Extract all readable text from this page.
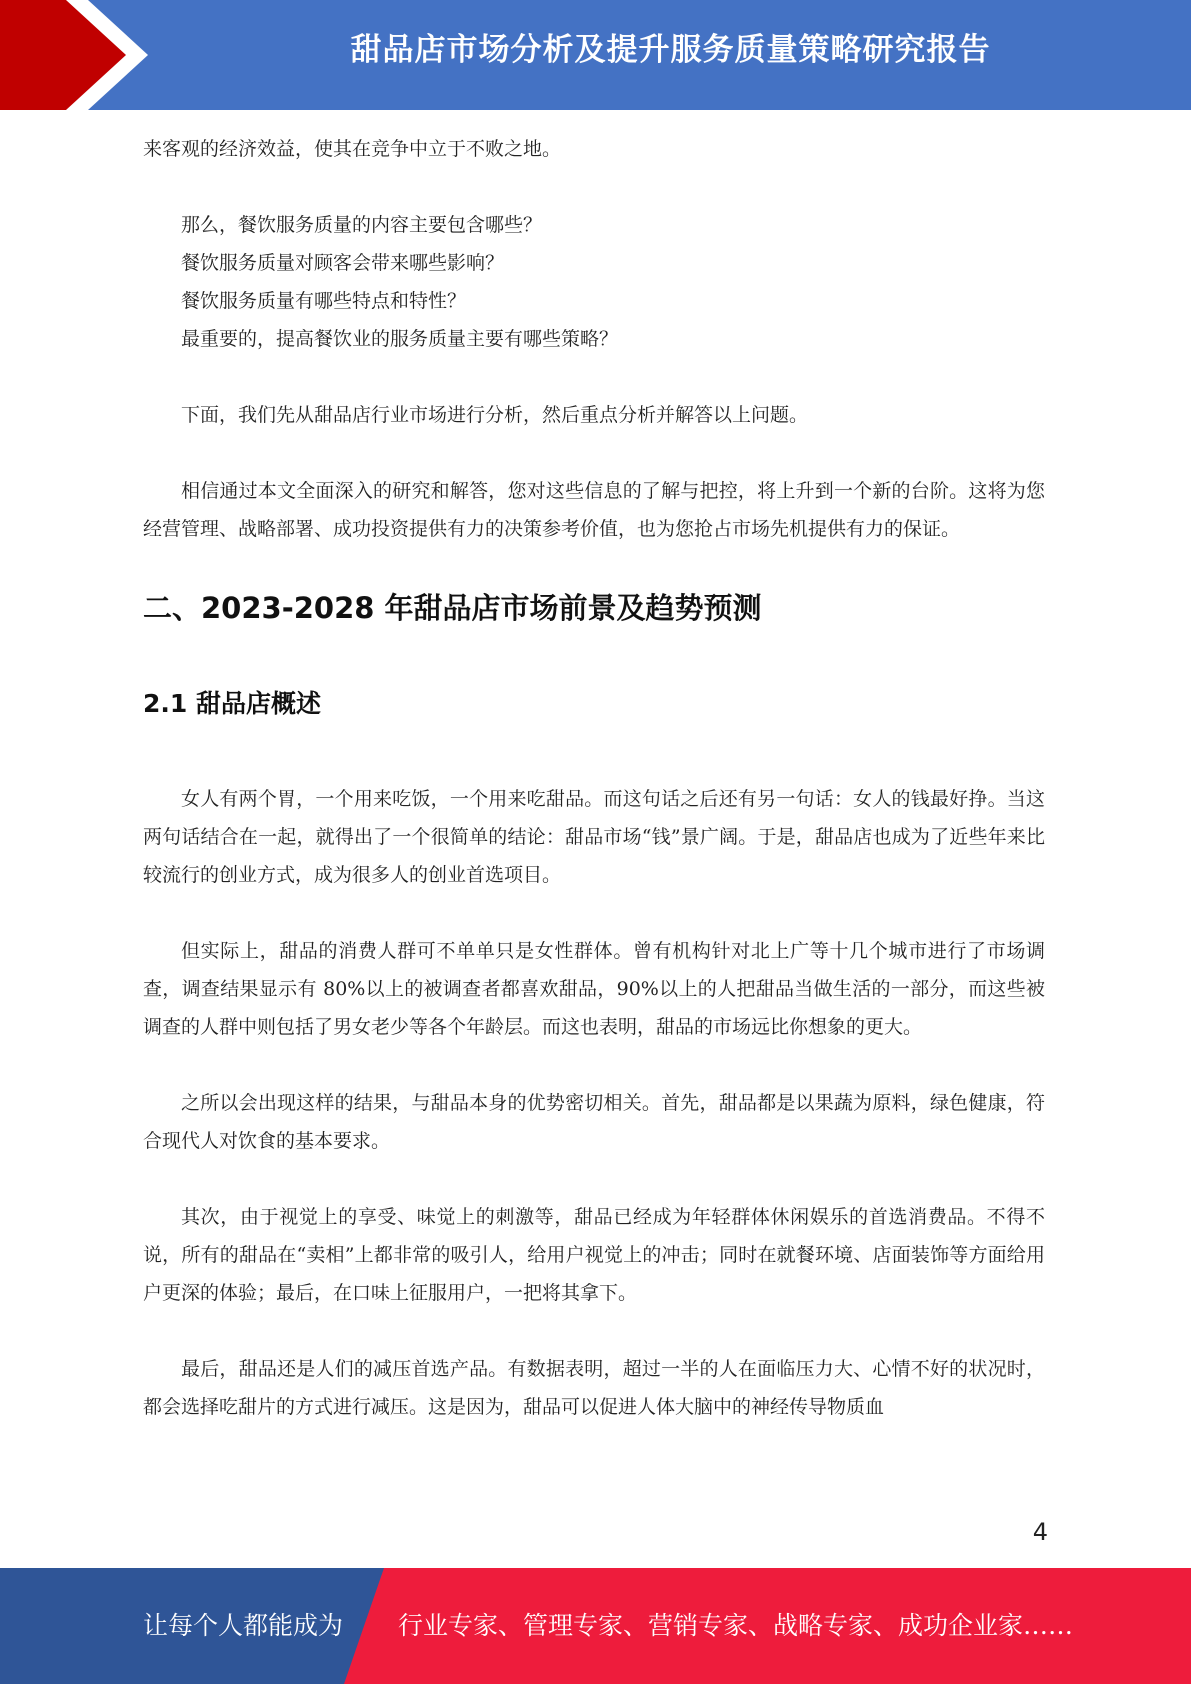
甜品店市场分析及提升服务质量策略研究报告

来客观的经济效益，使其在竞争中立于不败之地。

那么，餐饮服务质量的内容主要包含哪些？

餐饮服务质量对顾客会带来哪些影响？

餐饮服务质量有哪些特点和特性？

最重要的，提高餐饮业的服务质量主要有哪些策略？

下面，我们先从甜品店行业市场进行分析，然后重点分析并解答以上问题。

相信通过本文全面深入的研究和解答，您对这些信息的了解与把控，将上升到一个新的台阶。这将为您经营管理、战略部署、成功投资提供有力的决策参考价值，也为您抢占市场先机提供有力的保证。

二、2023-2028 年甜品店市场前景及趋势预测
2.1 甜品店概述

女人有两个胃，一个用来吃饭，一个用来吃甜品。而这句话之后还有另一句话：女人的钱最好挣。当这两句话结合在一起，就得出了一个很简单的结论：甜品市场“钱”景广阔。于是，甜品店也成为了近些年来比较流行的创业方式，成为很多人的创业首选项目。

但实际上，甜品的消费人群可不单单只是女性群体。曾有机构针对北上广等十几个城市进行了市场调查，调查结果显示有 80%以上的被调查者都喜欢甜品，90%以上的人把甜品当做生活的一部分，而这些被调查的人群中则包括了男女老少等各个年龄层。而这也表明，甜品的市场远比你想象的更大。

之所以会出现这样的结果，与甜品本身的优势密切相关。首先，甜品都是以果蔬为原料，绿色健康，符合现代人对饮食的基本要求。

其次，由于视觉上的享受、味觉上的刺激等，甜品已经成为年轻群体休闲娱乐的首选消费品。不得不说，所有的甜品在“卖相”上都非常的吸引人，给用户视觉上的冲击；同时在就餐环境、店面装饰等方面给用户更深的体验；最后，在口味上征服用户，一把将其拿下。

最后，甜品还是人们的减压首选产品。有数据表明，超过一半的人在面临压力大、心情不好的状况时，都会选择吃甜片的方式进行减压。这是因为，甜品可以促进人体大脑中的神经传导物质血

4
让每个人都能成为 行业专家、管理专家、营销专家、战略专家、成功企业家……
